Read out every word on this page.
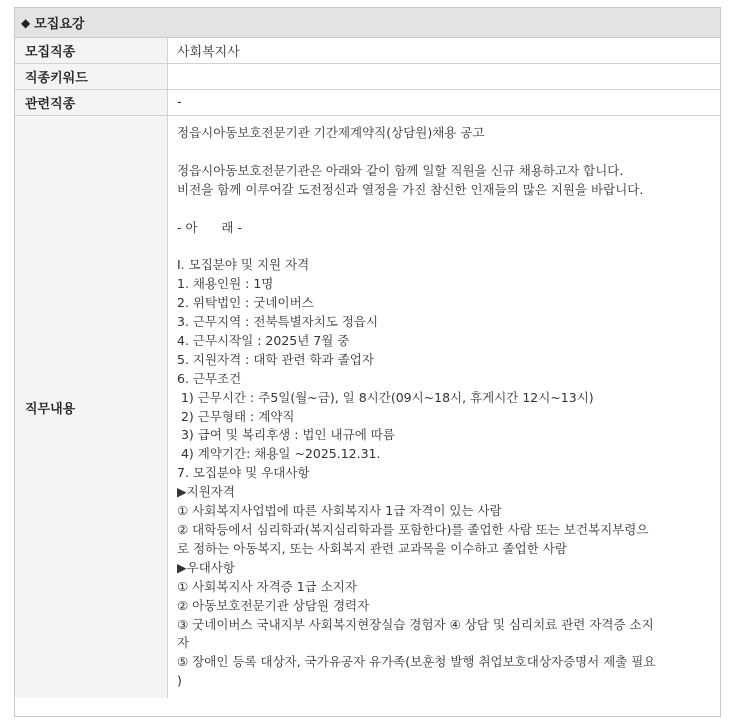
◆ 모집요강
모집직종	사회복지사
직종키워드
관련직종	-
직무내용
정읍시아동보호전문기관 기간제계약직(상담원)채용 공고
정읍시아동보호전문기관은 아래와 같이 함께 일할 직원을 신규 채용하고자 합니다.
비전을 함께 이루어갈 도전정신과 열정을 가진 참신한 인재들의 많은 지원을 바랍니다.
- 아      래 -
Ⅰ. 모집분야 및 지원 자격
1. 채용인원 : 1명
2. 위탁법인 : 굿네이버스
3. 근무지역 : 전북특별자치도 정읍시
4. 근무시작일 : 2025년 7월 중
5. 지원자격 : 대학 관련 학과 졸업자
6. 근무조건
1) 근무시간 : 주5일(월~금), 일 8시간(09시~18시, 휴게시간 12시~13시)
2) 근무형태 : 계약직
3) 급여 및 복리후생 : 법인 내규에 따름
4) 계약기간: 채용일 ~2025.12.31.
7. 모집분야 및 우대사항
▶지원자격
① 사회복지사업법에 따른 사회복지사 1급 자격이 있는 사람
② 대학등에서 심리학과(복지심리학과를 포함한다)를 졸업한 사람 또는 보건복지부령으
로 정하는 아동복지, 또는 사회복지 관련 교과목을 이수하고 졸업한 사람
▶우대사항
① 사회복지사 자격증 1급 소지자
② 아동보호전문기관 상담원 경력자
③ 굿네이버스 국내지부 사회복지현장실습 경험자 ④ 상담 및 심리치료 관련 자격증 소지
자
⑤ 장애인 등록 대상자, 국가유공자 유가족(보훈청 발행 취업보호대상자증명서 제출 필요
)
